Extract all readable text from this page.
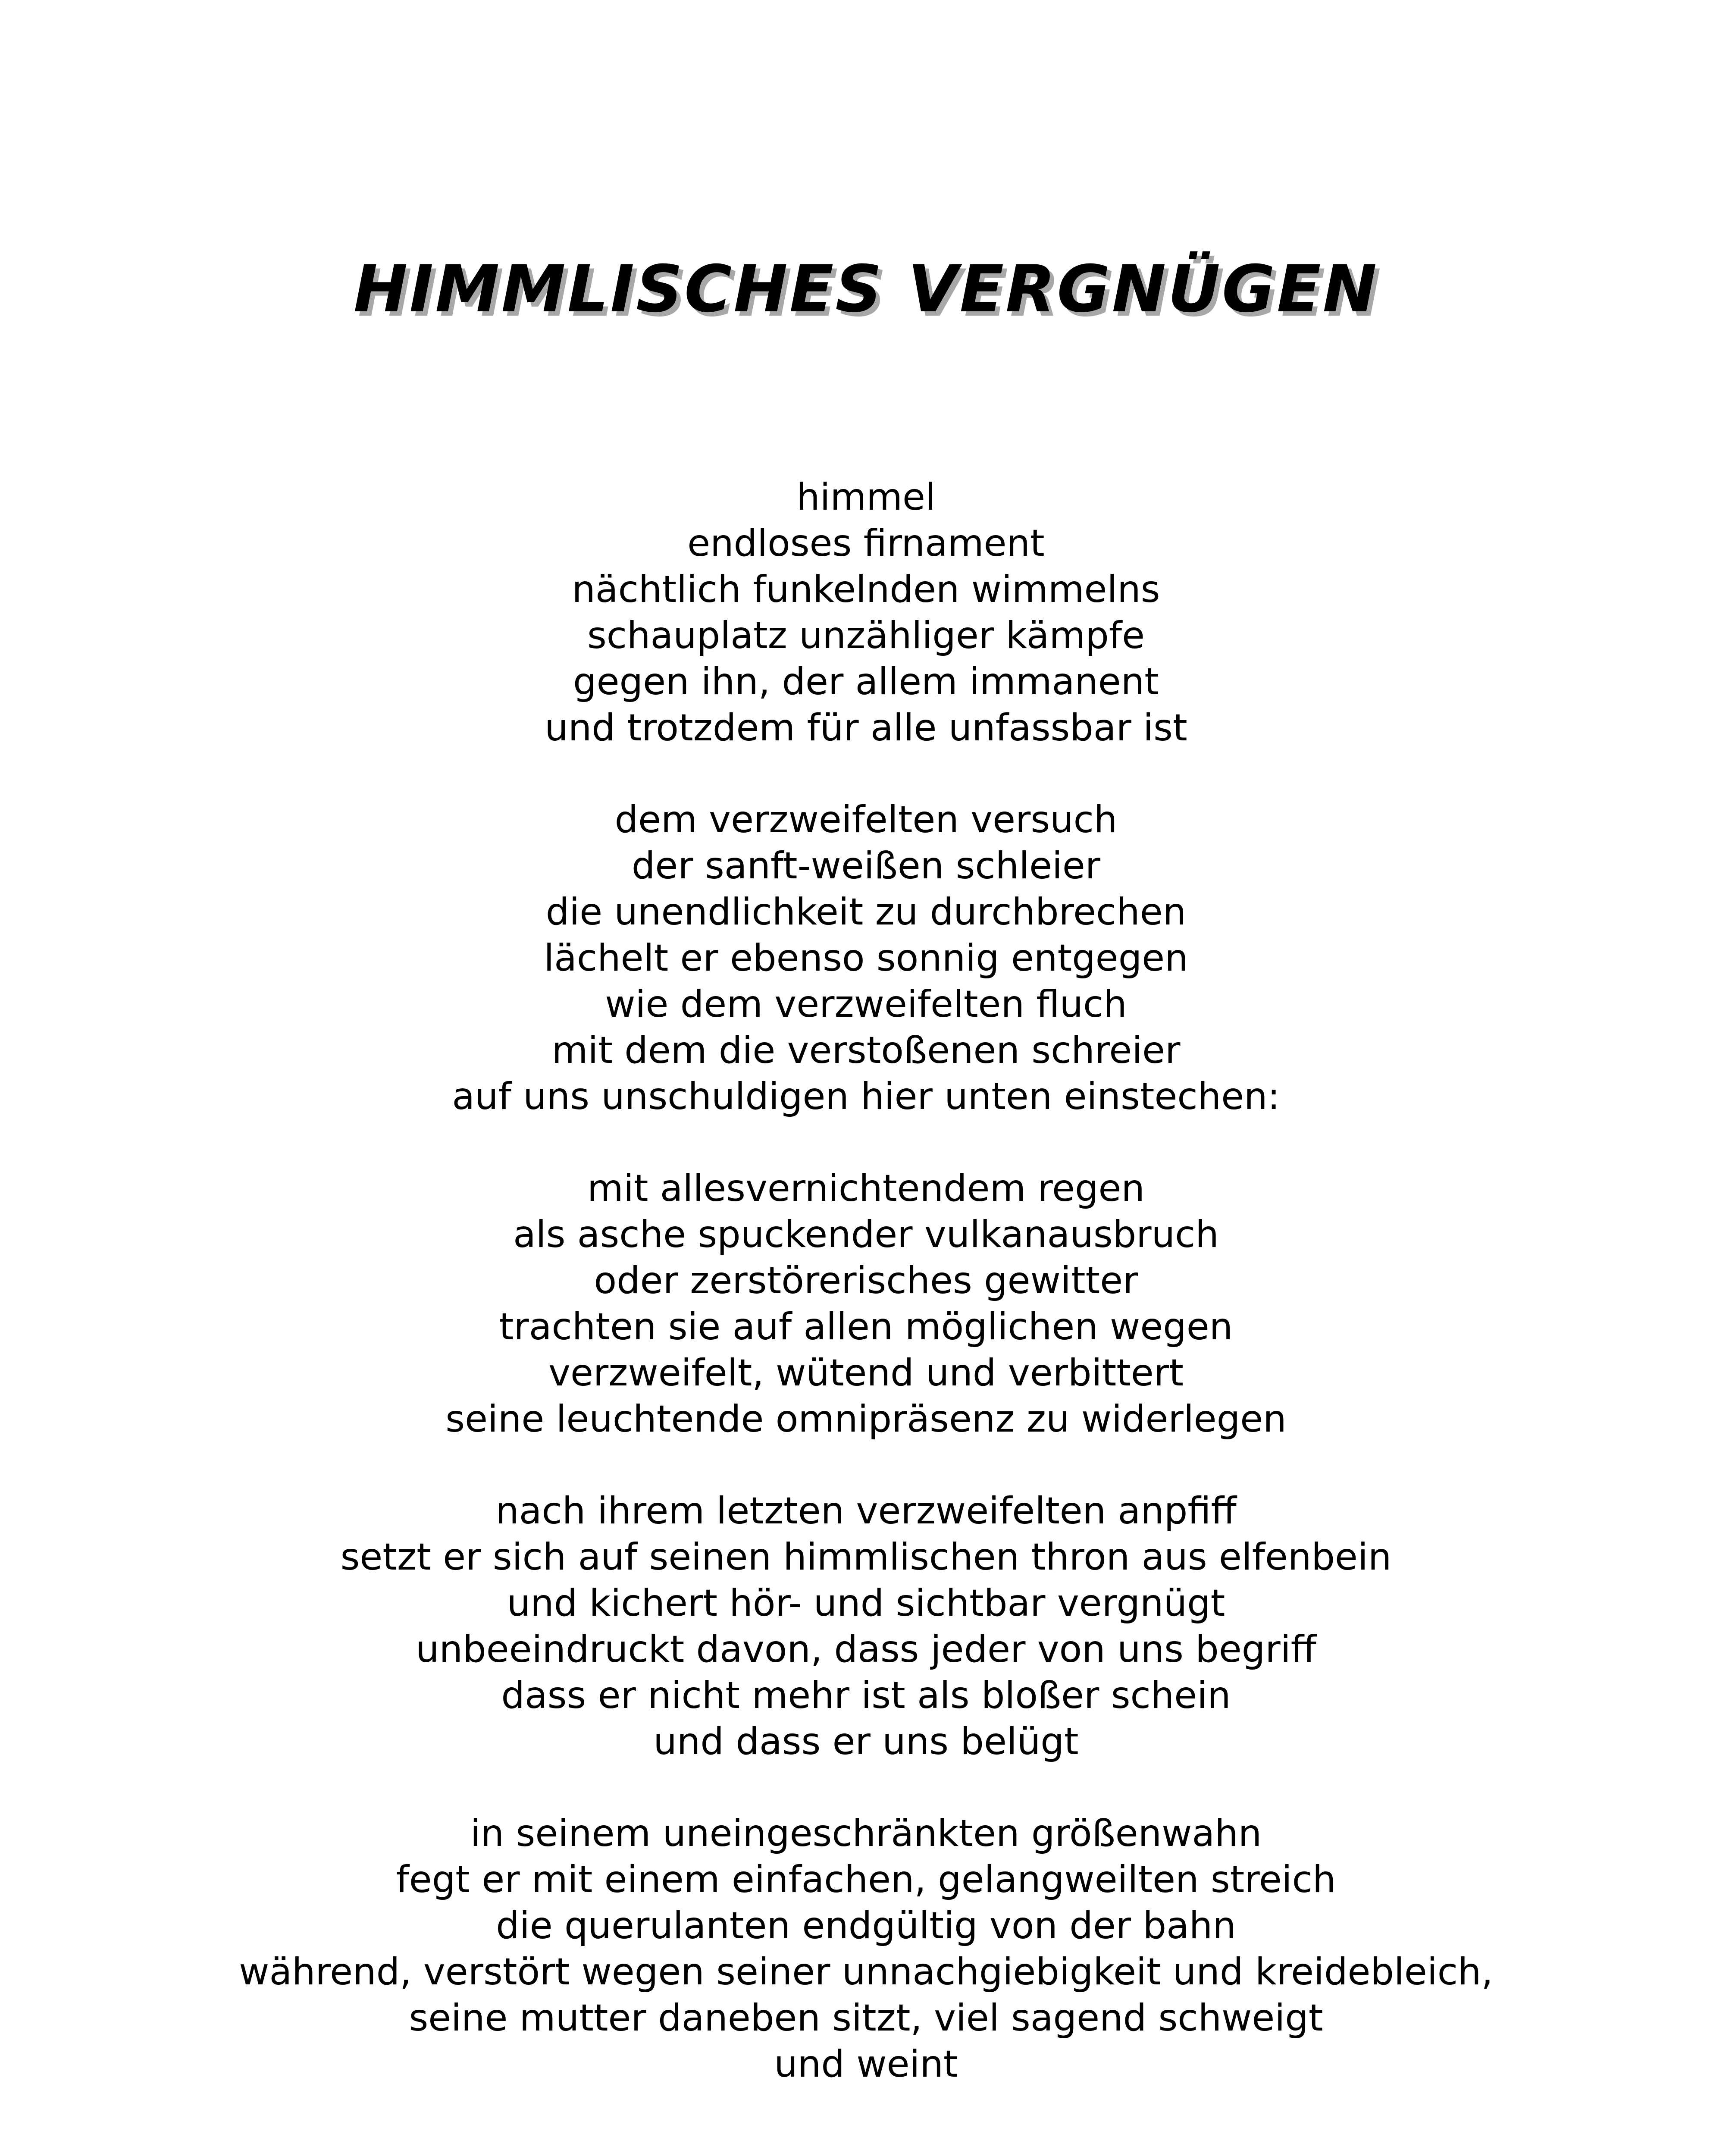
HIMMLISCHES VERGNÜGEN
himmel
endloses firnament
nächtlich funkelnden wimmelns
schauplatz unzähliger kämpfe
gegen ihn, der allem immanent
und trotzdem für alle unfassbar ist
dem verzweifelten versuch
der sanft-weißen schleier
die unendlichkeit zu durchbrechen
lächelt er ebenso sonnig entgegen
wie dem verzweifelten fluch
mit dem die verstoßenen schreier
auf uns unschuldigen hier unten einstechen:
mit allesvernichtendem regen
als asche spuckender vulkanausbruch
oder zerstörerisches gewitter
trachten sie auf allen möglichen wegen
verzweifelt, wütend und verbittert
seine leuchtende omnipräsenz zu widerlegen
nach ihrem letzten verzweifelten anpfiff
setzt er sich auf seinen himmlischen thron aus elfenbein
und kichert hör- und sichtbar vergnügt
unbeeindruckt davon, dass jeder von uns begriff
dass er nicht mehr ist als bloßer schein
und dass er uns belügt
in seinem uneingeschränkten größenwahn
fegt er mit einem einfachen, gelangweilten streich
die querulanten endgültig von der bahn
während, verstört wegen seiner unnachgiebigkeit und kreidebleich,
seine mutter daneben sitzt, viel sagend schweigt
und weint
